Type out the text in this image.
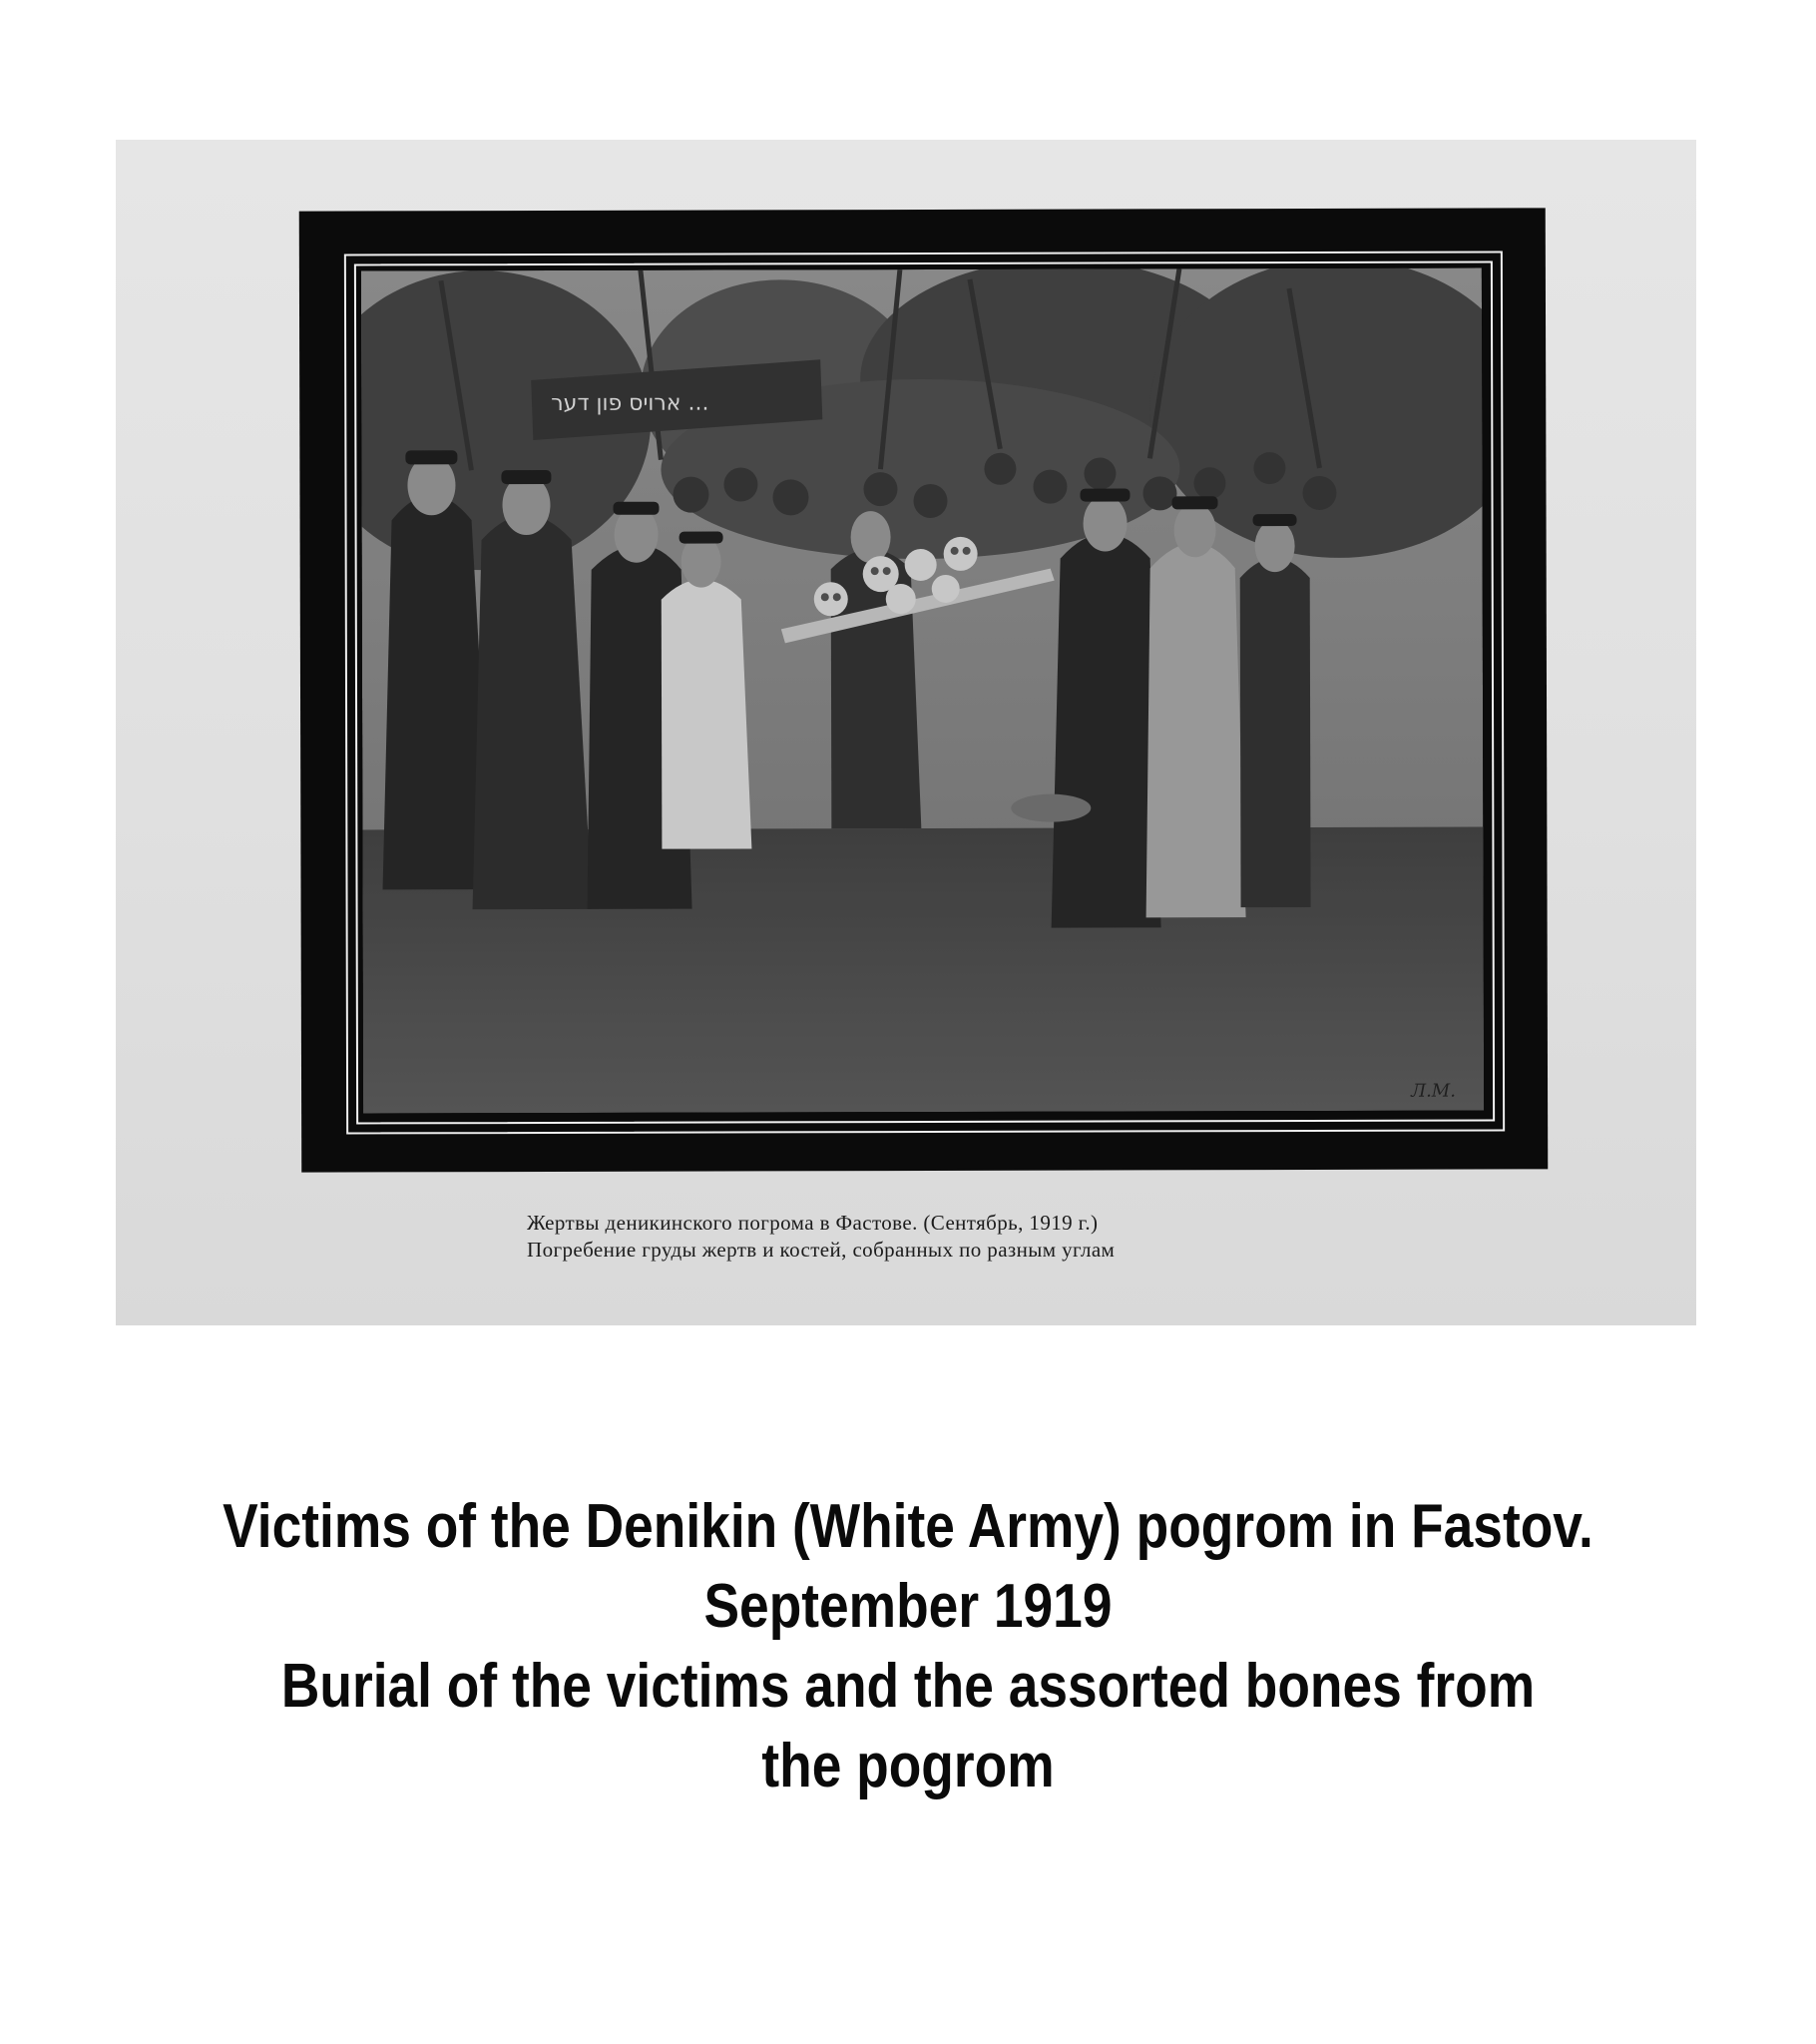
ארויס פון דער ...
Л.М.
Жертвы деникинского погрома в Фастове. (Сентябрь, 1919 г.)
Погребение груды жертв и костей, собранных по разным углам
Victims of the Denikin (White Army) pogrom in Fastov.
September 1919
Burial of the victims and the assorted bones from
the pogrom
